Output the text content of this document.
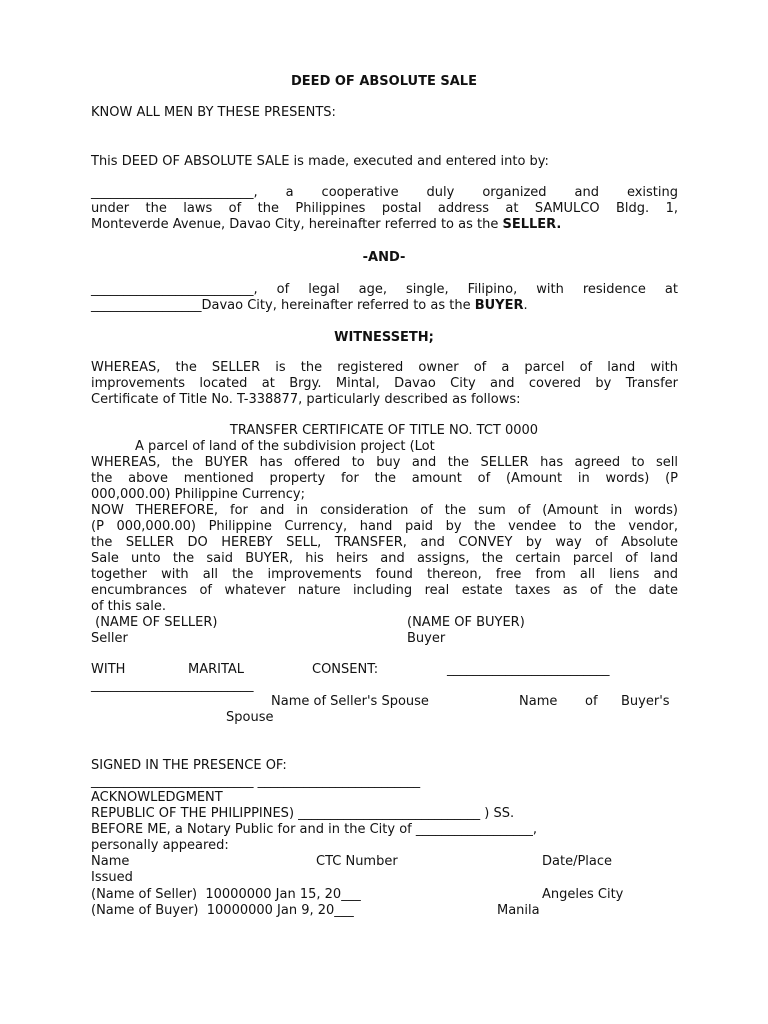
DEED OF ABSOLUTE SALE
KNOW ALL MEN BY THESE PRESENTS:
This DEED OF ABSOLUTE SALE is made, executed and entered into by:
_________________________, a cooperative duly organized and existing
under the laws of the Philippines postal address at SAMULCO Bldg. 1,
Monteverde Avenue, Davao City, hereinafter referred to as the SELLER.
-AND-
_________________________, of legal age, single, Filipino, with residence at
_________________Davao City, hereinafter referred to as the BUYER.
WITNESSETH;
WHEREAS, the SELLER is the registered owner of a parcel of land with
improvements located at Brgy. Mintal, Davao City and covered by Transfer
Certificate of Title No. T-338877, particularly described as follows:
TRANSFER CERTIFICATE OF TITLE NO. TCT 0000
A parcel of land of the subdivision project (Lot
WHEREAS, the BUYER has offered to buy and the SELLER has agreed to sell
the above mentioned property for the amount of (Amount in words) (P
000,000.00) Philippine Currency;
NOW THEREFORE, for and in consideration of the sum of (Amount in words)
(P 000,000.00) Philippine Currency, hand paid by the vendee to the vendor,
the SELLER DO HEREBY SELL, TRANSFER, and CONVEY by way of Absolute
Sale unto the said BUYER, his heirs and assigns, the certain parcel of land
together with all the improvements found thereon, free from all liens and
encumbrances of whatever nature including real estate taxes as of the date
of this sale.
(NAME OF SELLER)	(NAME OF BUYER)
Seller	Buyer
WITH	MARITAL	CONSENT:	_________________________
_________________________
Name of Seller's Spouse	Name of Buyer's
Spouse
SIGNED IN THE PRESENCE OF:
_________________________ _________________________
ACKNOWLEDGMENT
REPUBLIC OF THE PHILIPPINES) ____________________________ ) SS.
BEFORE ME, a Notary Public for and in the City of __________________,
personally appeared:
Name	CTC Number	Date/Place
Issued
(Name of Seller)  10000000 Jan 15, 20___	Angeles City
(Name of Buyer)  10000000 Jan 9, 20___	Manila
